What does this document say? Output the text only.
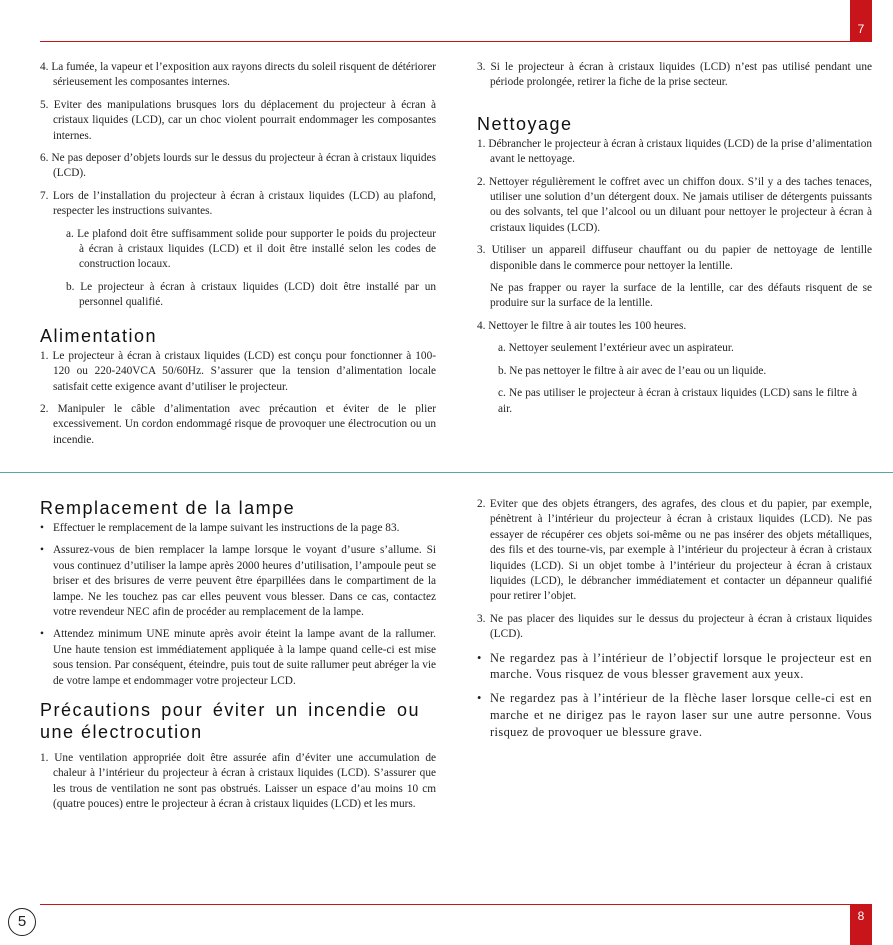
7
8
5

4. La fumée, la vapeur et l’exposition aux rayons directs du soleil risquent de détériorer sérieusement les composantes internes.

5. Eviter des manipulations brusques lors du déplacement du projecteur à écran à cristaux liquides (LCD), car un choc violent pourrait endommager les composantes internes.

6. Ne pas deposer d’objets lourds sur le dessus du projecteur à écran à cristaux liquides (LCD).

7. Lors de l’installation du projecteur à écran à cristaux liquides (LCD) au plafond, respecter les instructions suivantes.

a. Le plafond doit être suffisamment solide pour supporter le poids du projecteur à écran à cristaux liquides (LCD) et il doit être installé selon les codes de construction locaux.

b. Le projecteur à écran à cristaux liquides (LCD) doit être installé par un personnel qualifié.

Alimentation

1. Le projecteur à écran à cristaux liquides (LCD) est conçu pour fonctionner à 100-120 ou 220-240VCA 50/60Hz. S’assurer que la tension d’alimentation locale satisfait cette exigence avant d’utiliser le projecteur.

2. Manipuler le câble d’alimentation avec précaution et éviter de le plier excessivement. Un cordon endommagé risque de provoquer une électrocution ou un incendie.

3. Si le projecteur à écran à cristaux liquides (LCD) n’est pas utilisé pendant une période prolongée, retirer la fiche de la prise secteur.

Nettoyage

1. Débrancher le projecteur à écran à cristaux liquides (LCD) de la prise d’alimentation avant le nettoyage.

2. Nettoyer régulièrement le coffret avec un chiffon doux. S’il y a des taches tenaces, utiliser une solution d’un détergent doux. Ne jamais utiliser de détergents puissants ou des solvants, tel que l’alcool ou un diluant pour nettoyer le projecteur à écran à cristaux liquides (LCD).

3. Utiliser un appareil diffuseur chauffant ou du papier de nettoyage de lentille disponible dans le commerce pour nettoyer la lentille.

Ne pas frapper ou rayer la surface de la lentille, car des défauts risquent de se produire sur la surface de la lentille.

4. Nettoyer le filtre à air toutes les 100 heures.

a. Nettoyer seulement l’extérieur avec un aspirateur.

b. Ne pas nettoyer le filtre à air avec de l’eau ou un liquide.

c. Ne pas utiliser le projecteur à écran à cristaux liquides (LCD) sans le filtre à air.

Remplacement de la lampe

• Effectuer le remplacement de la lampe suivant les instructions de la page 83.

• Assurez-vous de bien remplacer la lampe lorsque le voyant d’usure s’allume. Si vous continuez d’utiliser la lampe après 2000 heures d’utilisation, l’ampoule peut se briser et des brisures de verre peuvent être éparpillées dans le compartiment de la lampe. Ne les touchez pas car elles peuvent vous blesser. Dans ce cas, contactez votre revendeur NEC afin de procéder au remplacement de la lampe.

• Attendez minimum UNE minute après avoir éteint la lampe avant de la rallumer. Une haute tension est immédiatement appliquée à la lampe quand celle-ci est mise sous tension. Par conséquent, éteindre, puis tout de suite rallumer peut abréger la vie de votre lampe et endommager votre projecteur LCD.

Précautions pour éviter un incendie ou une électrocution

1. Une ventilation appropriée doit être assurée afin d’éviter une accumulation de chaleur à l’intérieur du projecteur à écran à cristaux liquides (LCD). S’assurer que les trous de ventilation ne sont pas obstrués. Laisser un espace d’au moins 10 cm (quatre pouces) entre le projecteur à écran à cristaux liquides (LCD) et les murs.

2. Eviter que des objets étrangers, des agrafes, des clous et du papier, par exemple, pénètrent à l’intérieur du projecteur à écran à cristaux liquides (LCD). Ne pas essayer de récupérer ces objets soi-même ou ne pas insérer des objets métalliques, des fils et des tourne-vis, par exemple à l’intérieur du projecteur à écran à cristaux liquides (LCD). Si un objet tombe à l’intérieur du projecteur à écran à cristaux liquides (LCD), le débrancher immédiatement et contacter un dépanneur qualifié pour retirer l’objet.

3. Ne pas placer des liquides sur le dessus du projecteur à écran à cristaux liquides (LCD).

• Ne regardez pas à l’intérieur de l’objectif lorsque le projecteur est en marche. Vous risquez de vous blesser gravement aux yeux.

• Ne regardez pas à l’intérieur de la flèche laser lorsque celle-ci est en marche et ne dirigez pas le rayon laser sur une autre personne. Vous risquez de provoquer ue blessure grave.
